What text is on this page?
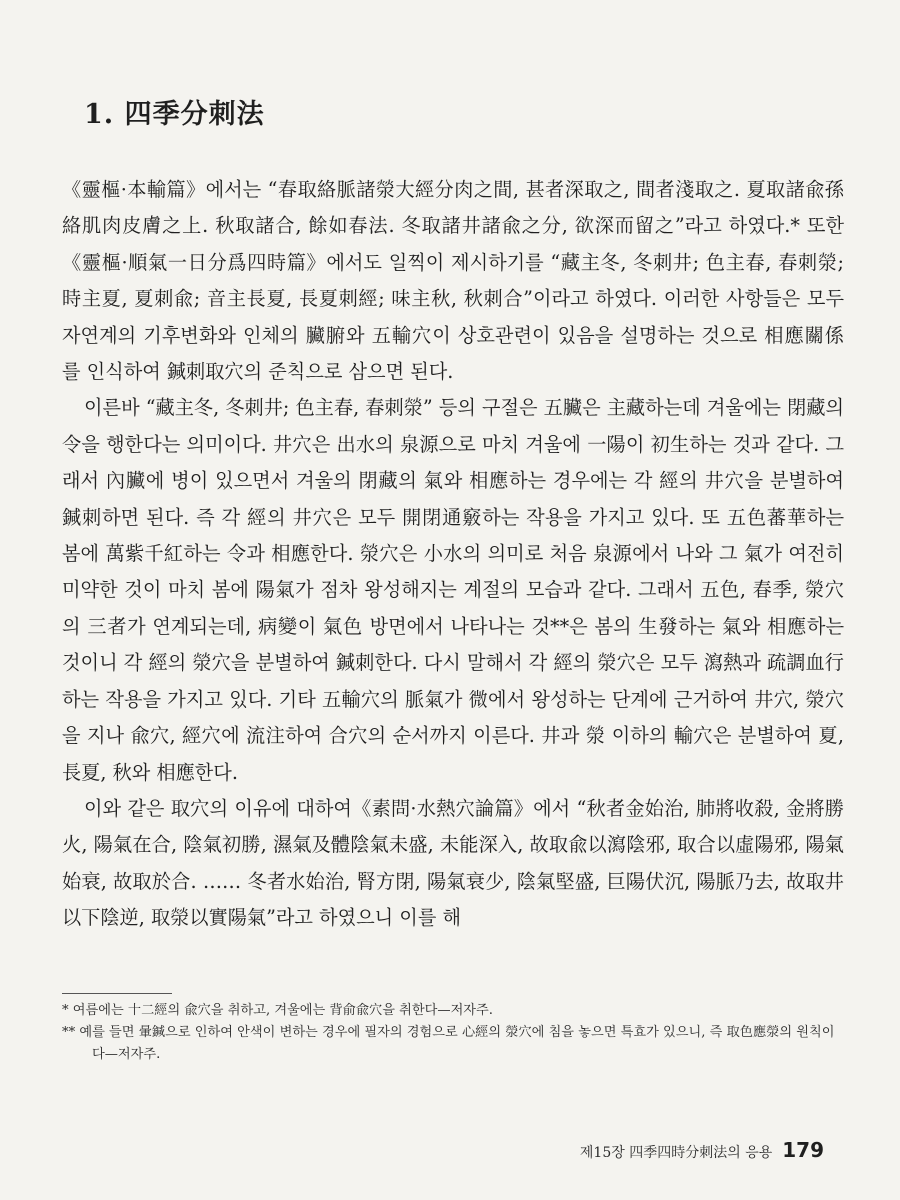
1. 四季分刺法

《靈樞·本輸篇》에서는 “春取絡脈諸滎大經分肉之間, 甚者深取之, 間者淺取之. 夏取諸兪孫絡肌肉皮膚之上. 秋取諸合, 餘如春法. 冬取諸井諸兪之分, 欲深而留之”라고 하였다.* 또한《靈樞·順氣一日分爲四時篇》에서도 일찍이 제시하기를 “藏主冬, 冬刺井; 色主春, 春刺滎; 時主夏, 夏刺兪; 音主長夏, 長夏刺經; 味主秋, 秋刺合”이라고 하였다. 이러한 사항들은 모두 자연계의 기후변화와 인체의 臟腑와 五輸穴이 상호관련이 있음을 설명하는 것으로 相應關係를 인식하여 鍼刺取穴의 준칙으로 삼으면 된다.

이른바 “藏主冬, 冬刺井; 色主春, 春刺滎” 등의 구절은 五臟은 主藏하는데 겨울에는 閉藏의 令을 행한다는 의미이다. 井穴은 出水의 泉源으로 마치 겨울에 一陽이 初生하는 것과 같다. 그래서 內臟에 병이 있으면서 겨울의 閉藏의 氣와 相應하는 경우에는 각 經의 井穴을 분별하여 鍼刺하면 된다. 즉 각 經의 井穴은 모두 開閉通竅하는 작용을 가지고 있다. 또 五色蕃華하는 봄에 萬紫千紅하는 令과 相應한다. 滎穴은 小水의 의미로 처음 泉源에서 나와 그 氣가 여전히 미약한 것이 마치 봄에 陽氣가 점차 왕성해지는 계절의 모습과 같다. 그래서 五色, 春季, 滎穴의 三者가 연계되는데, 病變이 氣色 방면에서 나타나는 것**은 봄의 生發하는 氣와 相應하는 것이니 각 經의 滎穴을 분별하여 鍼刺한다. 다시 말해서 각 經의 滎穴은 모두 瀉熱과 疏調血行하는 작용을 가지고 있다. 기타 五輸穴의 脈氣가 微에서 왕성하는 단계에 근거하여 井穴, 滎穴을 지나 兪穴, 經穴에 流注하여 合穴의 순서까지 이른다. 井과 滎 이하의 輸穴은 분별하여 夏, 長夏, 秋와 相應한다.

이와 같은 取穴의 이유에 대하여《素問·水熱穴論篇》에서 “秋者金始治, 肺將收殺, 金將勝火, 陽氣在合, 陰氣初勝, 濕氣及體陰氣未盛, 未能深入, 故取兪以瀉陰邪, 取合以虛陽邪, 陽氣始衰, 故取於合. …… 冬者水始治, 腎方閉, 陽氣衰少, 陰氣堅盛, 巨陽伏沉, 陽脈乃去, 故取井以下陰逆, 取滎以實陽氣”라고 하였으니 이를 해

* 여름에는 十二經의 兪穴을 취하고, 겨울에는 背俞兪穴을 취한다—저자주.

** 예를 들면 暈鍼으로 인하여 안색이 변하는 경우에 필자의 경험으로 心經의 滎穴에 침을 놓으면 특효가 있으니, 즉 取色應滎의 원칙이다—저자주.

제15장 四季四時分刺法의 응용 179
